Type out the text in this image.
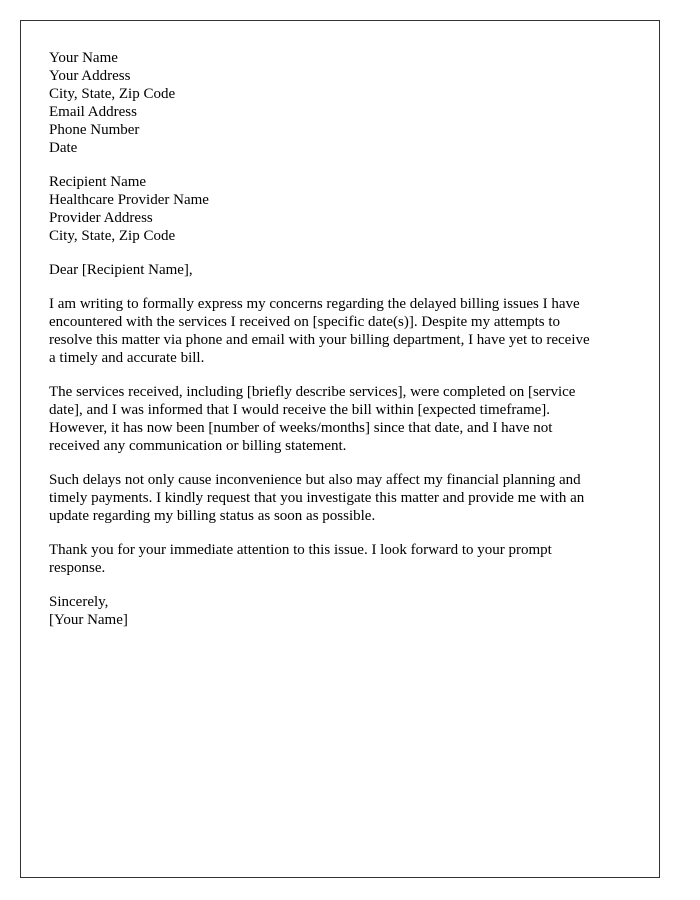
Your Name
Your Address
City, State, Zip Code
Email Address
Phone Number
Date
Recipient Name
Healthcare Provider Name
Provider Address
City, State, Zip Code
Dear [Recipient Name],
I am writing to formally express my concerns regarding the delayed billing issues I have
encountered with the services I received on [specific date(s)]. Despite my attempts to
resolve this matter via phone and email with your billing department, I have yet to receive
a timely and accurate bill.
The services received, including [briefly describe services], were completed on [service
date], and I was informed that I would receive the bill within [expected timeframe].
However, it has now been [number of weeks/months] since that date, and I have not
received any communication or billing statement.
Such delays not only cause inconvenience but also may affect my financial planning and
timely payments. I kindly request that you investigate this matter and provide me with an
update regarding my billing status as soon as possible.
Thank you for your immediate attention to this issue. I look forward to your prompt
response.
Sincerely,
[Your Name]
